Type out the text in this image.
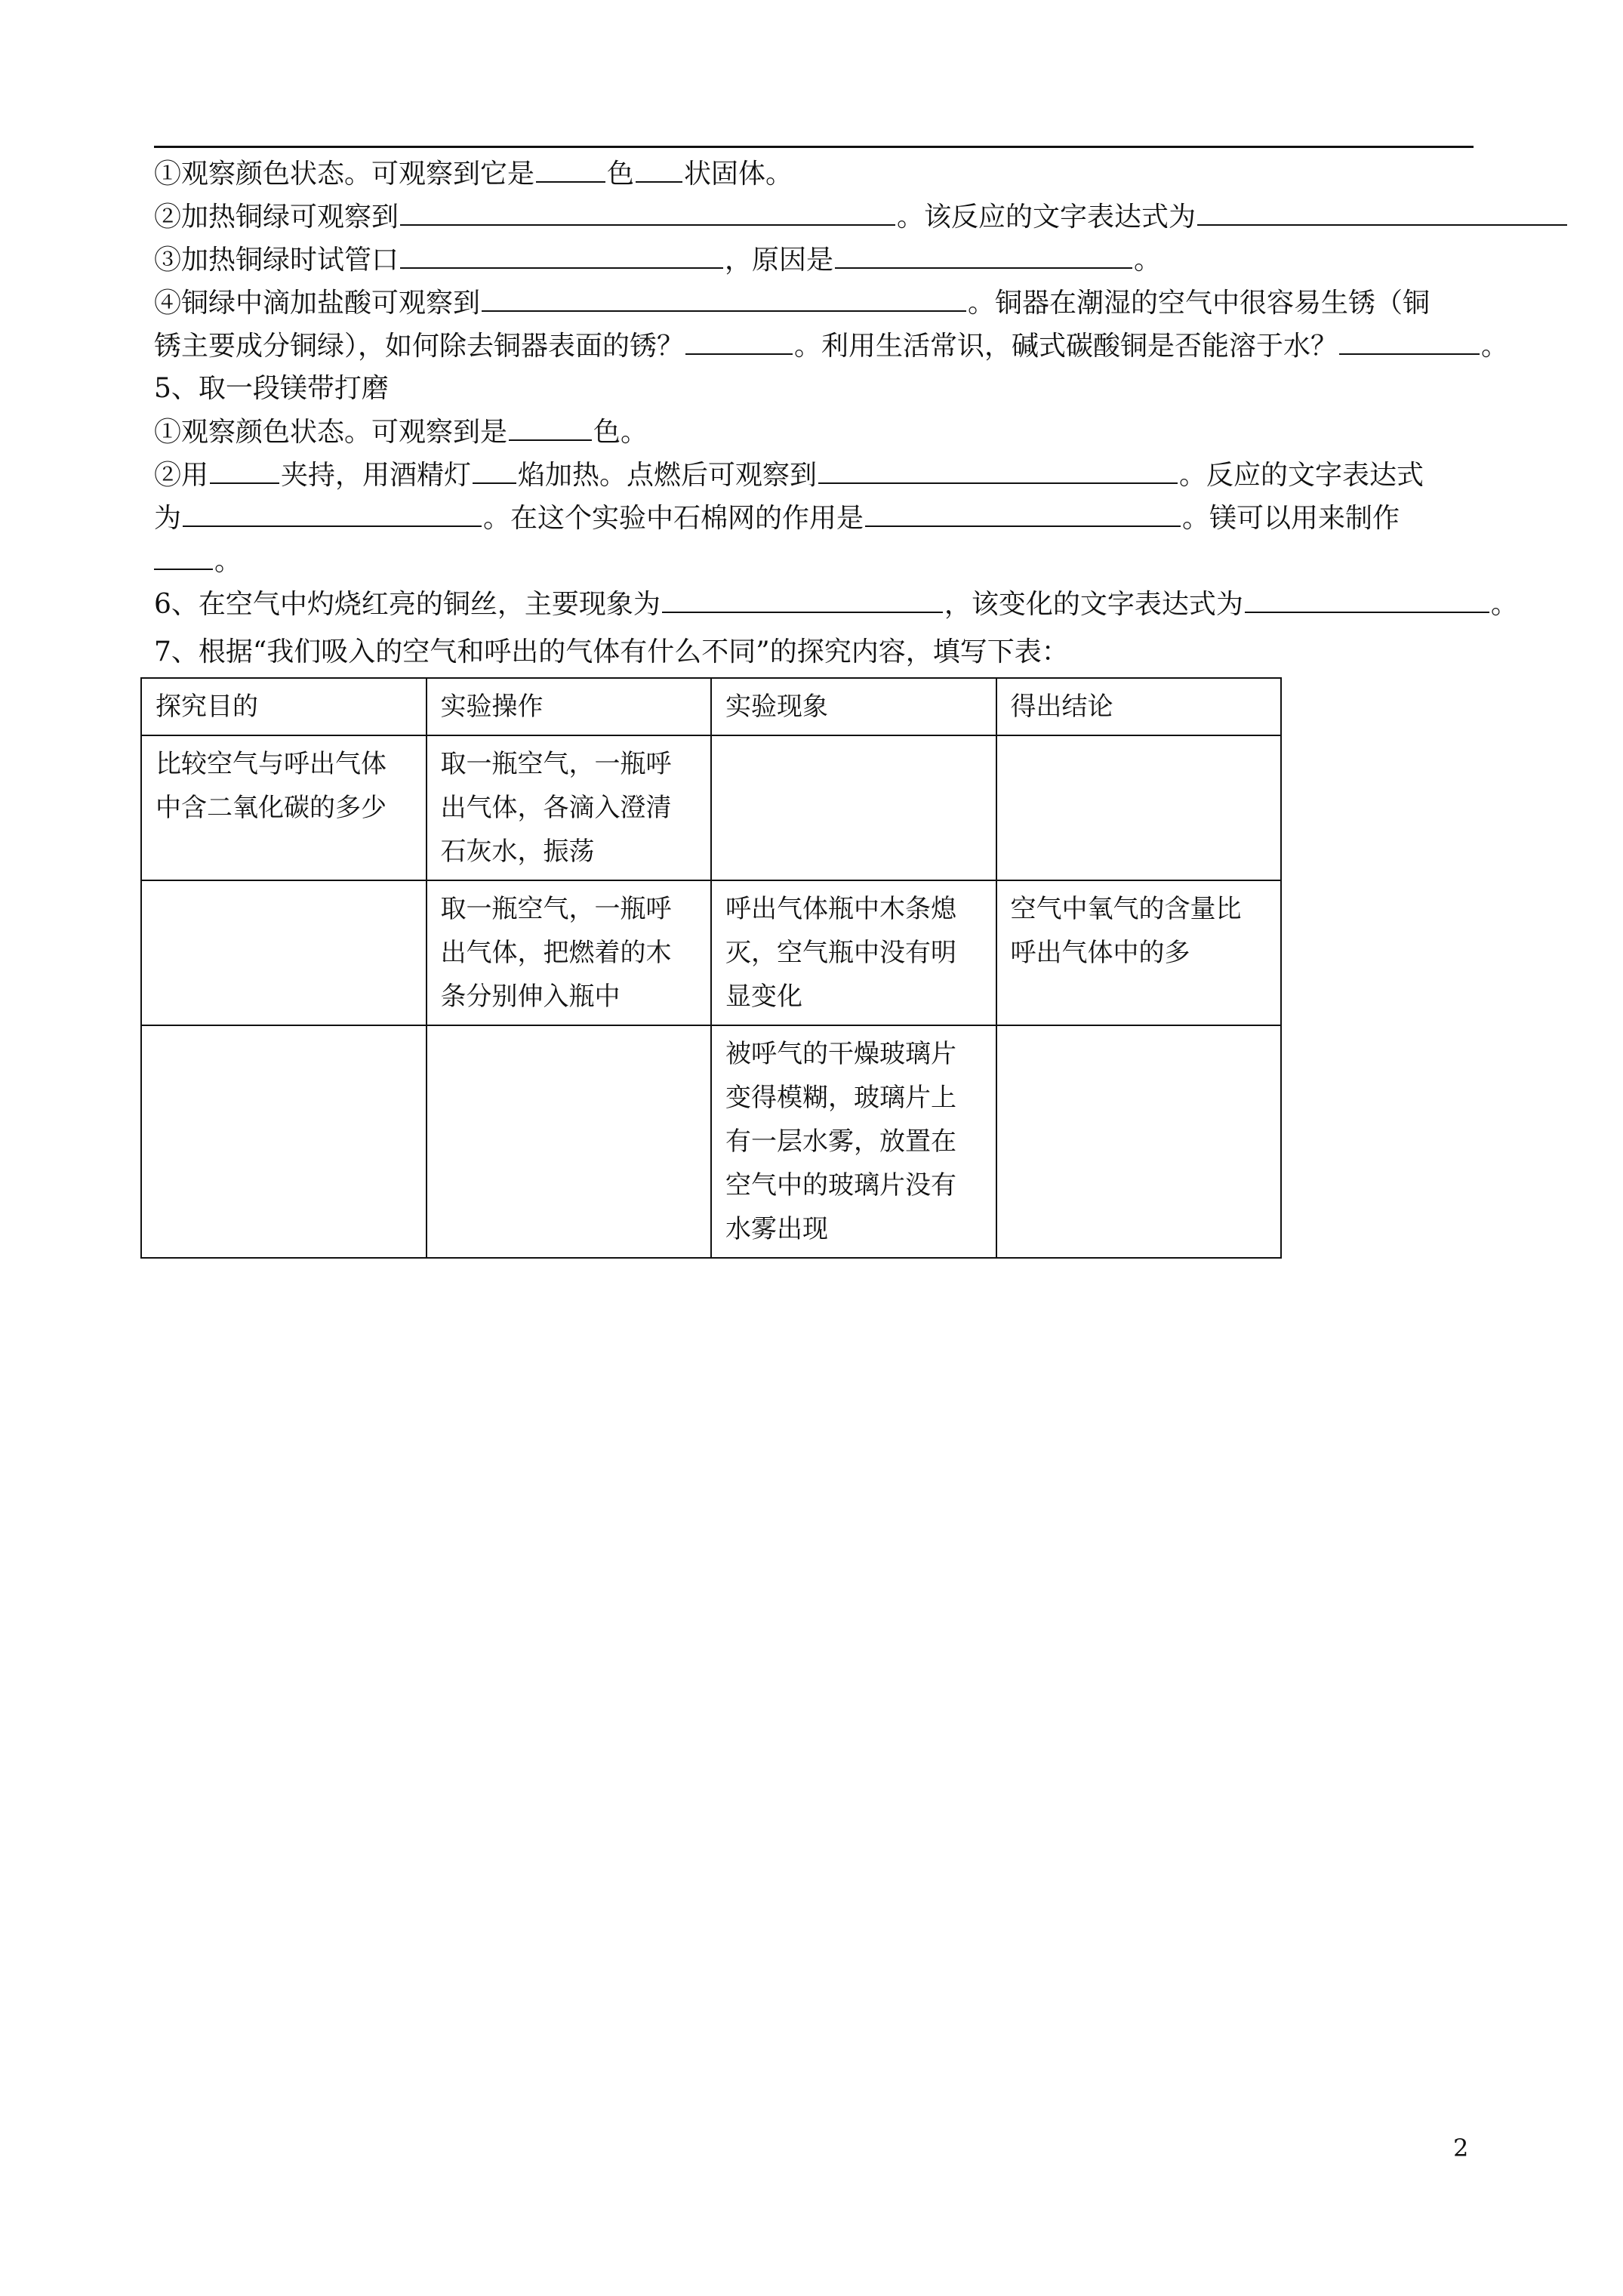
①观察颜色状态。可观察到它是	色 状固体。
②加热铜绿可观察到	。该反应的文字表达式为
③加热铜绿时试管口	，原因是	。
④铜绿中滴加盐酸可观察到	。铜器在潮湿的空气中很容易生锈（铜
锈主要成分铜绿），如何除去铜器表面的锈？	。利用生活常识，碱式碳酸铜是否能溶于水？	。
5、取一段镁带打磨
①观察颜色状态。可观察到是	色。
②用	夹持，用酒精灯 焰加热。点燃后可观察到	。反应的文字表达式
为	。在这个实验中石棉网的作用是	。镁可以用来制作
。
6、在空气中灼烧红亮的铜丝，主要现象为	，该变化的文字表达式为	。
7、根据“我们吸入的空气和呼出的气体有什么不同”的探究内容，填写下表：
探究目的	实验操作	实验现象	得出结论
比较空气与呼出气体中含二氧化碳的多少	取一瓶空气，一瓶呼出气体，各滴入澄清石灰水，振荡		
	取一瓶空气，一瓶呼出气体，把燃着的木条分别伸入瓶中	呼出气体瓶中木条熄灭，空气瓶中没有明显变化	空气中氧气的含量比呼出气体中的多
		被呼气的干燥玻璃片变得模糊，玻璃片上有一层水雾，放置在空气中的玻璃片没有水雾出现	
2
